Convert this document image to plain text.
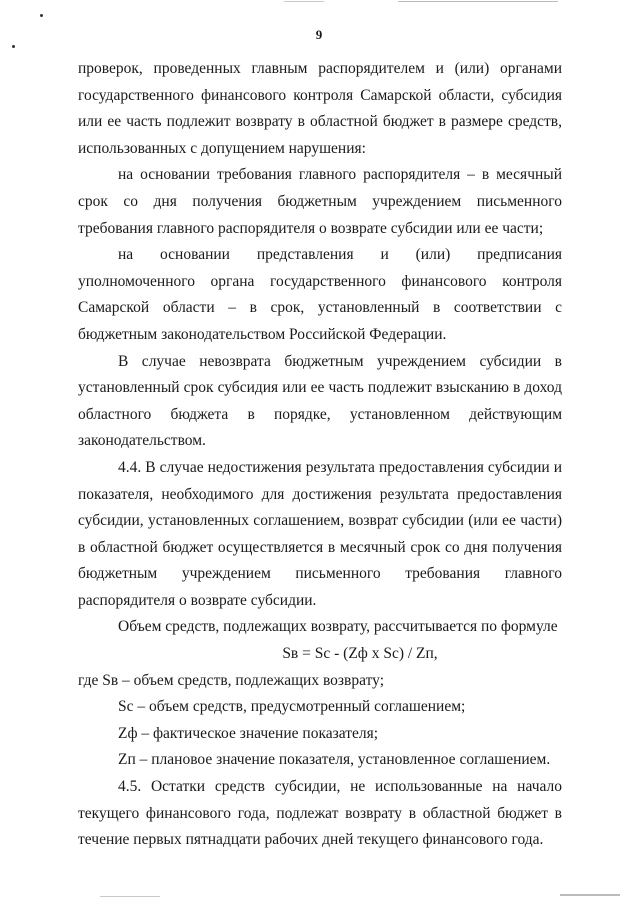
9

проверок, проведенных главным распорядителем и (или) органами государственного финансового контроля Самарской области, субсидия или ее часть подлежит возврату в областной бюджет в размере средств, использованных с допущением нарушения:

на основании требования главного распорядителя – в месячный срок со дня получения бюджетным учреждением письменного требования главного распорядителя о возврате субсидии или ее части;

на основании представления и (или) предписания уполномоченного органа государственного финансового контроля Самарской области – в срок, установленный в соответствии с бюджетным законодательством Российской Федерации.

В случае невозврата бюджетным учреждением субсидии в установленный срок субсидия или ее часть подлежит взысканию в доход областного бюджета в порядке, установленном действующим законодательством.

4.4. В случае недостижения результата предоставления субсидии и показателя, необходимого для достижения результата предоставления субсидии, установленных соглашением, возврат субсидии (или ее части) в областной бюджет осуществляется в месячный срок со дня получения бюджетным учреждением письменного требования главного распорядителя о возврате субсидии.

Объем средств, подлежащих возврату, рассчитывается по формуле

Sв = Sc - (Zф x Sc) / Zп,

где Sв – объем средств, подлежащих возврату;

Sc – объем средств, предусмотренный соглашением;

Zф – фактическое значение показателя;

Zп – плановое значение показателя, установленное соглашением.

4.5. Остатки средств субсидии, не использованные на начало текущего финансового года, подлежат возврату в областной бюджет в течение первых пятнадцати рабочих дней текущего финансового года.
